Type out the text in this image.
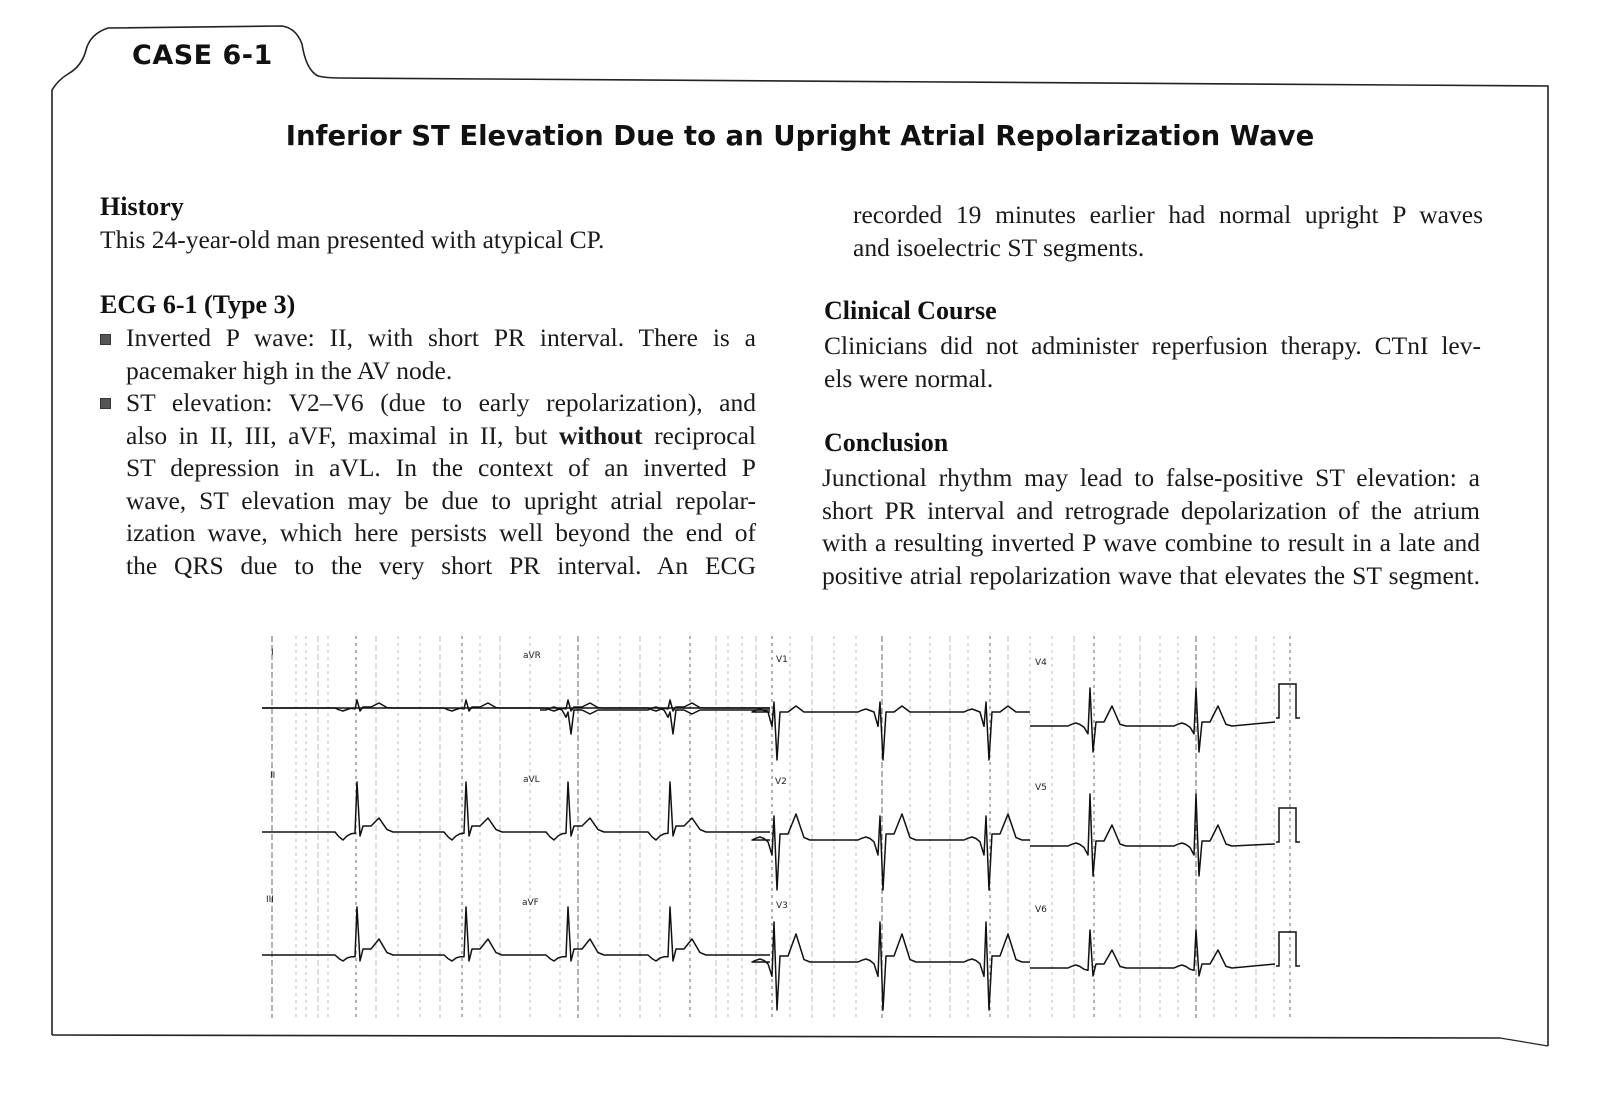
CASE 6-1
Inferior ST Elevation Due to an Upright Atrial Repolarization Wave
History

This 24-year-old man presented with atypical CP.

ECG 6-1 (Type 3)
Inverted P wave: II, with short PR interval. There is a
pacemaker high in the AV node.
ST elevation: V2–V6 (due to early repolarization), and
also in II, III, aVF, maximal in II, but without reciprocal
ST depression in aVL. In the context of an inverted P
wave, ST elevation may be due to upright atrial repolar-
ization wave, which here persists well beyond the end of
the QRS due to the very short PR interval. An ECG
recorded 19 minutes earlier had normal upright P waves
and isoelectric ST segments.
Clinical Course
Clinicians did not administer reperfusion therapy. CTnI lev-
els were normal.
Conclusion
Junctional rhythm may lead to false-positive ST elevation: a
short PR interval and retrograde depolarization of the atrium
with a resulting inverted P wave combine to result in a late and
positive atrial repolarization wave that elevates the ST segment.
I	aVR	V1	V4
II	aVL	V2
V5
III	aVF	V3	V6
